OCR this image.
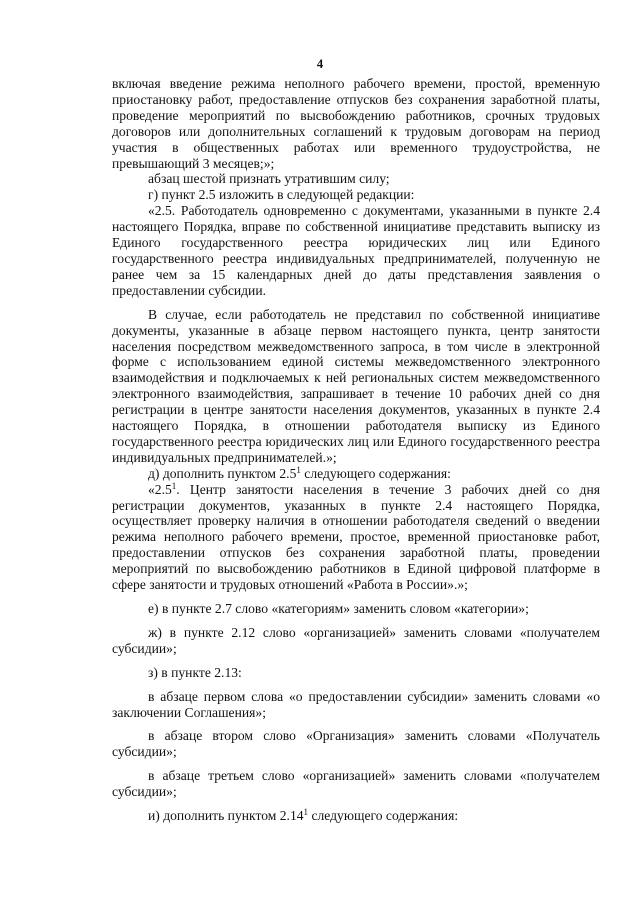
4

включая введение режима неполного рабочего времени, простой, временную приостановку работ, предоставление отпусков без сохранения заработной платы, проведение мероприятий по высвобождению работников, срочных трудовых договоров или дополнительных соглашений к трудовым договорам на период участия в общественных работах или временного трудоустройства, не превышающий 3 месяцев;»;

абзац шестой признать утратившим силу;

г) пункт 2.5 изложить в следующей редакции:

«2.5. Работодатель одновременно с документами, указанными в пункте 2.4 настоящего Порядка, вправе по собственной инициативе представить выписку из Единого государственного реестра юридических лиц или Единого государственного реестра индивидуальных предпринимателей, полученную не ранее чем за 15 календарных дней до даты представления заявления о предоставлении субсидии.

В случае, если работодатель не представил по собственной инициативе документы, указанные в абзаце первом настоящего пункта, центр занятости населения посредством межведомственного запроса, в том числе в электронной форме с использованием единой системы межведомственного электронного взаимодействия и подключаемых к ней региональных систем межведомственного электронного взаимодействия, запрашивает в течение 10 рабочих дней со дня регистрации в центре занятости населения документов, указанных в пункте 2.4 настоящего Порядка, в отношении работодателя выписку из Единого государственного реестра юридических лиц или Единого государственного реестра индивидуальных предпринимателей.»;

д) дополнить пунктом $2.5^1$ следующего содержания:

«$2.5^1$. Центр занятости населения в течение 3 рабочих дней со дня регистрации документов, указанных в пункте 2.4 настоящего Порядка, осуществляет проверку наличия в отношении работодателя сведений о введении режима неполного рабочего времени, простое, временной приостановке работ, предоставлении отпусков без сохранения заработной платы, проведении мероприятий по высвобождению работников в Единой цифровой платформе в сфере занятости и трудовых отношений «Работа в России».»;

е) в пункте 2.7 слово «категориям» заменить словом «категории»;

ж) в пункте 2.12 слово «организацией» заменить словами «получателем субсидии»;

з) в пункте 2.13:

в абзаце первом слова «о предоставлении субсидии» заменить словами «о заключении Соглашения»;

в абзаце втором слово «Организация» заменить словами «Получатель субсидии»;

в абзаце третьем слово «организацией» заменить словами «получателем субсидии»;

и) дополнить пунктом 2.14$^1$ следующего содержания:
